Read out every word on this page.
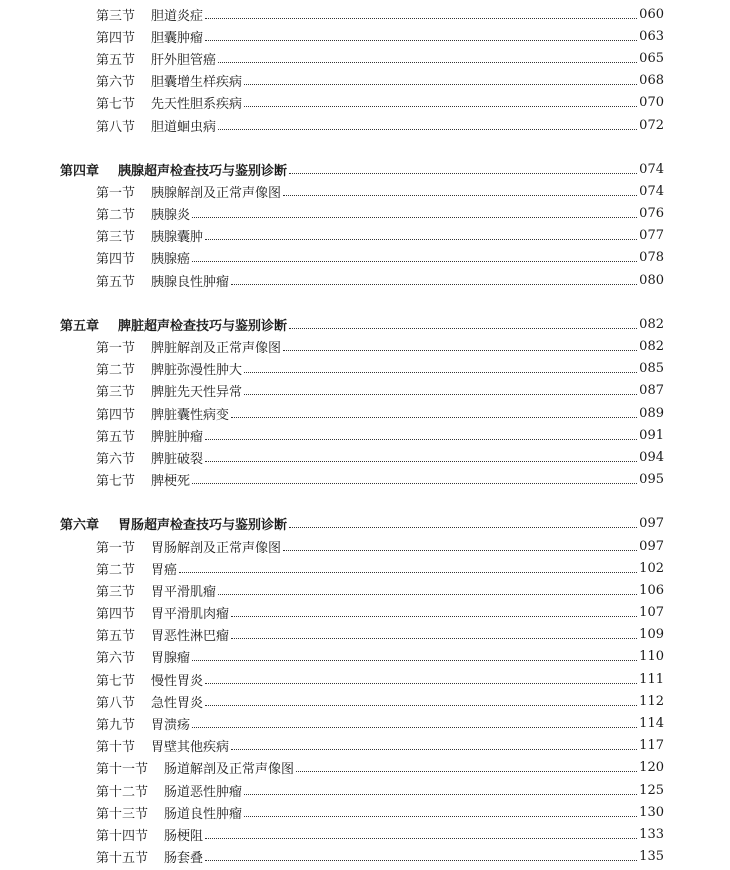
第三节	胆道炎症	060
第四节	胆囊肿瘤	063
第五节	肝外胆管癌	065
第六节	胆囊增生样疾病	068
第七节	先天性胆系疾病	070
第八节	胆道蛔虫病	072
第四章	胰腺超声检查技巧与鉴别诊断	074
第一节	胰腺解剖及正常声像图	074
第二节	胰腺炎	076
第三节	胰腺囊肿	077
第四节	胰腺癌	078
第五节	胰腺良性肿瘤	080
第五章	脾脏超声检查技巧与鉴别诊断	082
第一节	脾脏解剖及正常声像图	082
第二节	脾脏弥漫性肿大	085
第三节	脾脏先天性异常	087
第四节	脾脏囊性病变	089
第五节	脾脏肿瘤	091
第六节	脾脏破裂	094
第七节	脾梗死	095
第六章	胃肠超声检查技巧与鉴别诊断	097
第一节	胃肠解剖及正常声像图	097
第二节	胃癌	102
第三节	胃平滑肌瘤	106
第四节	胃平滑肌肉瘤	107
第五节	胃恶性淋巴瘤	109
第六节	胃腺瘤	110
第七节	慢性胃炎	111
第八节	急性胃炎	112
第九节	胃溃疡	114
第十节	胃壁其他疾病	117
第十一节	肠道解剖及正常声像图	120
第十二节	肠道恶性肿瘤	125
第十三节	肠道良性肿瘤	130
第十四节	肠梗阻	133
第十五节	肠套叠	135
